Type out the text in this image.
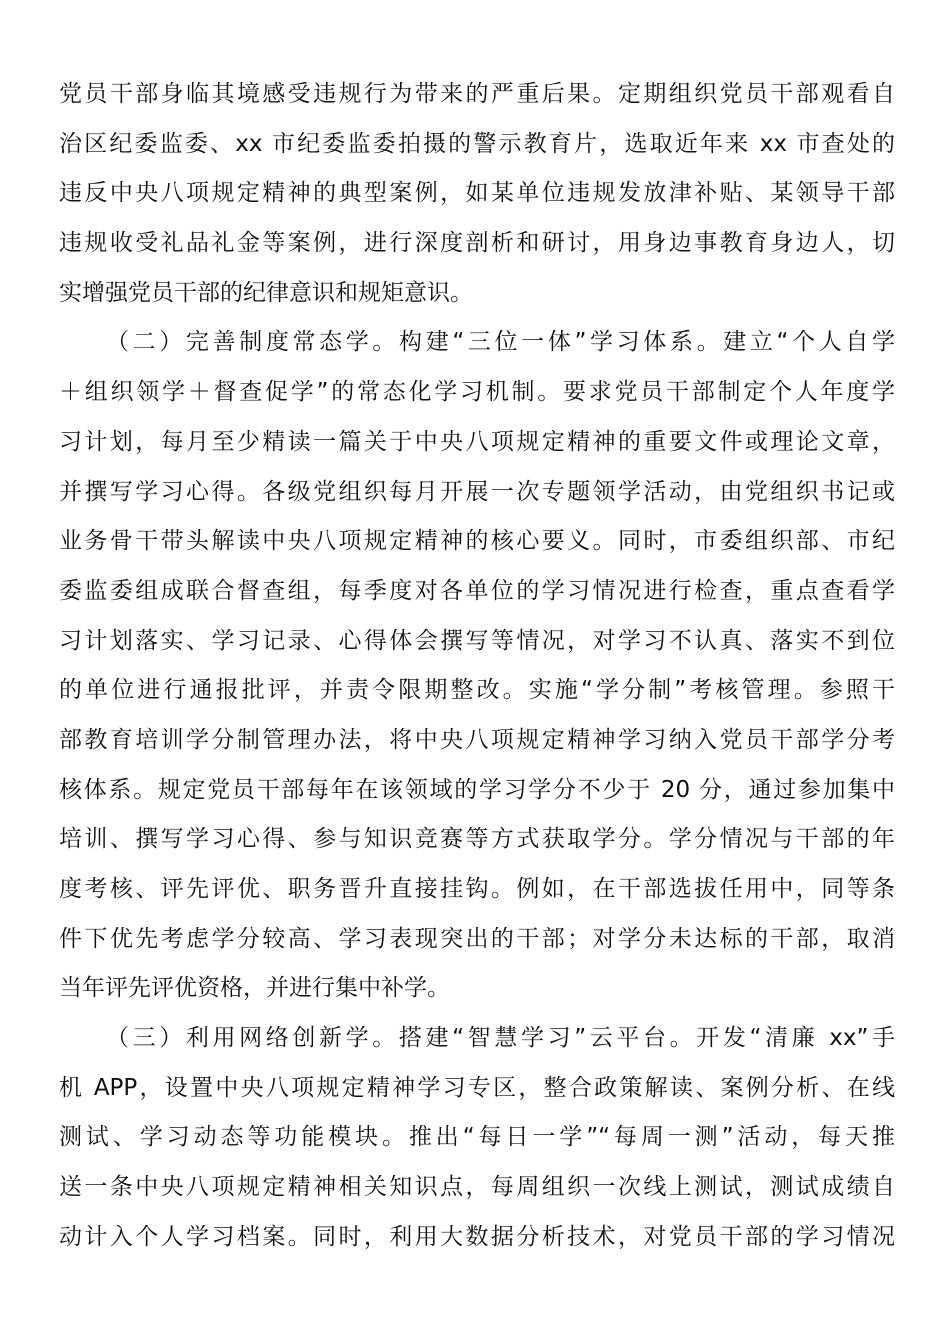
党员干部身临其境感受违规行为带来的严重后果。定期组织党员干部观看自
治区纪委监委、xx 市纪委监委拍摄的警示教育片，选取近年来 xx 市查处的
违反中央八项规定精神的典型案例，如某单位违规发放津补贴、某领导干部
违规收受礼品礼金等案例，进行深度剖析和研讨，用身边事教育身边人，切
实增强党员干部的纪律意识和规矩意识。
（二）完善制度常态学。构建“三位一体”学习体系。建立“个人自学
＋组织领学＋督查促学”的常态化学习机制。要求党员干部制定个人年度学
习计划，每月至少精读一篇关于中央八项规定精神的重要文件或理论文章，
并撰写学习心得。各级党组织每月开展一次专题领学活动，由党组织书记或
业务骨干带头解读中央八项规定精神的核心要义。同时，市委组织部、市纪
委监委组成联合督查组，每季度对各单位的学习情况进行检查，重点查看学
习计划落实、学习记录、心得体会撰写等情况，对学习不认真、落实不到位
的单位进行通报批评，并责令限期整改。实施“学分制”考核管理。参照干
部教育培训学分制管理办法，将中央八项规定精神学习纳入党员干部学分考
核体系。规定党员干部每年在该领域的学习学分不少于 20 分，通过参加集中
培训、撰写学习心得、参与知识竞赛等方式获取学分。学分情况与干部的年
度考核、评先评优、职务晋升直接挂钩。例如，在干部选拔任用中，同等条
件下优先考虑学分较高、学习表现突出的干部；对学分未达标的干部，取消
当年评先评优资格，并进行集中补学。
（三）利用网络创新学。搭建“智慧学习”云平台。开发“清廉 xx”手
机 APP，设置中央八项规定精神学习专区，整合政策解读、案例分析、在线
测试、学习动态等功能模块。推出“每日一学”“每周一测”活动，每天推
送一条中央八项规定精神相关知识点，每周组织一次线上测试，测试成绩自
动计入个人学习档案。同时，利用大数据分析技术，对党员干部的学习情况
